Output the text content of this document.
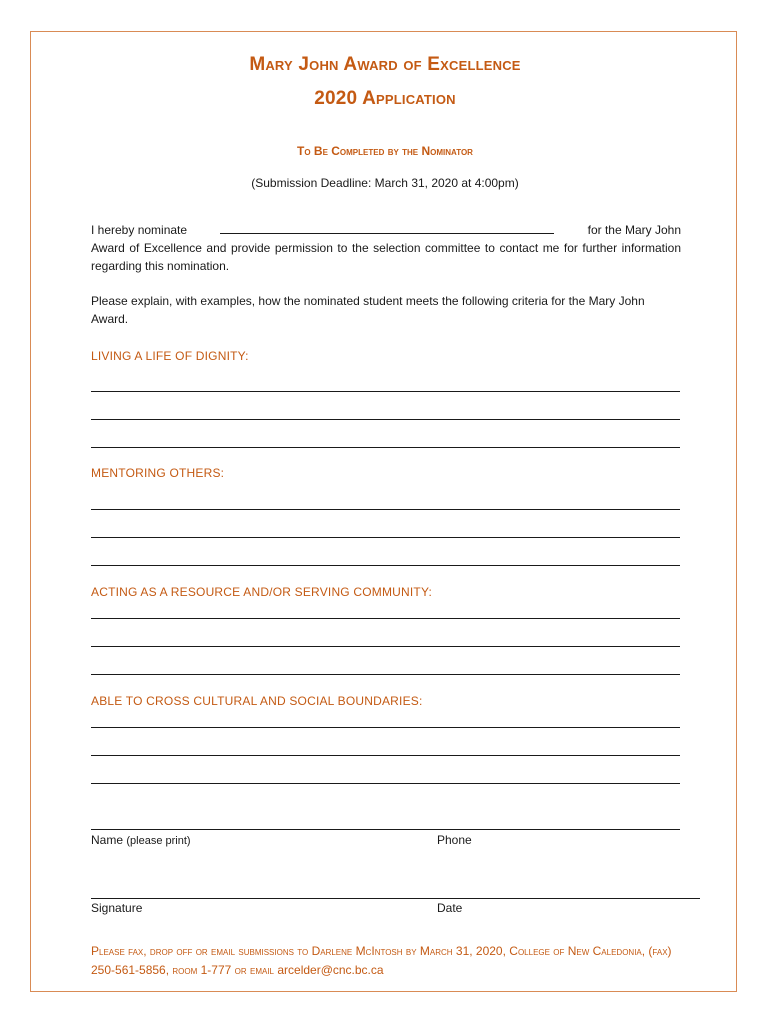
Mary John Award of Excellence
2020 Application
To Be Completed by the Nominator
(Submission Deadline: March 31, 2020 at 4:00pm)
I hereby nominate	for the Mary John
Award of Excellence and provide permission to the selection committee to contact me for further information regarding this nomination.
Please explain, with examples, how the nominated student meets the following criteria for the Mary John Award.
LIVING A LIFE OF DIGNITY:
MENTORING OTHERS:
ACTING AS A RESOURCE AND/OR SERVING COMMUNITY:
ABLE TO CROSS CULTURAL AND SOCIAL BOUNDARIES:
Name (please print)	Phone
Signature	Date
Please fax, drop off or email submissions to Darlene McIntosh by March 31, 2020, College of New Caledonia, (fax) 250-561-5856, room 1-777 or email arcelder@cnc.bc.ca
